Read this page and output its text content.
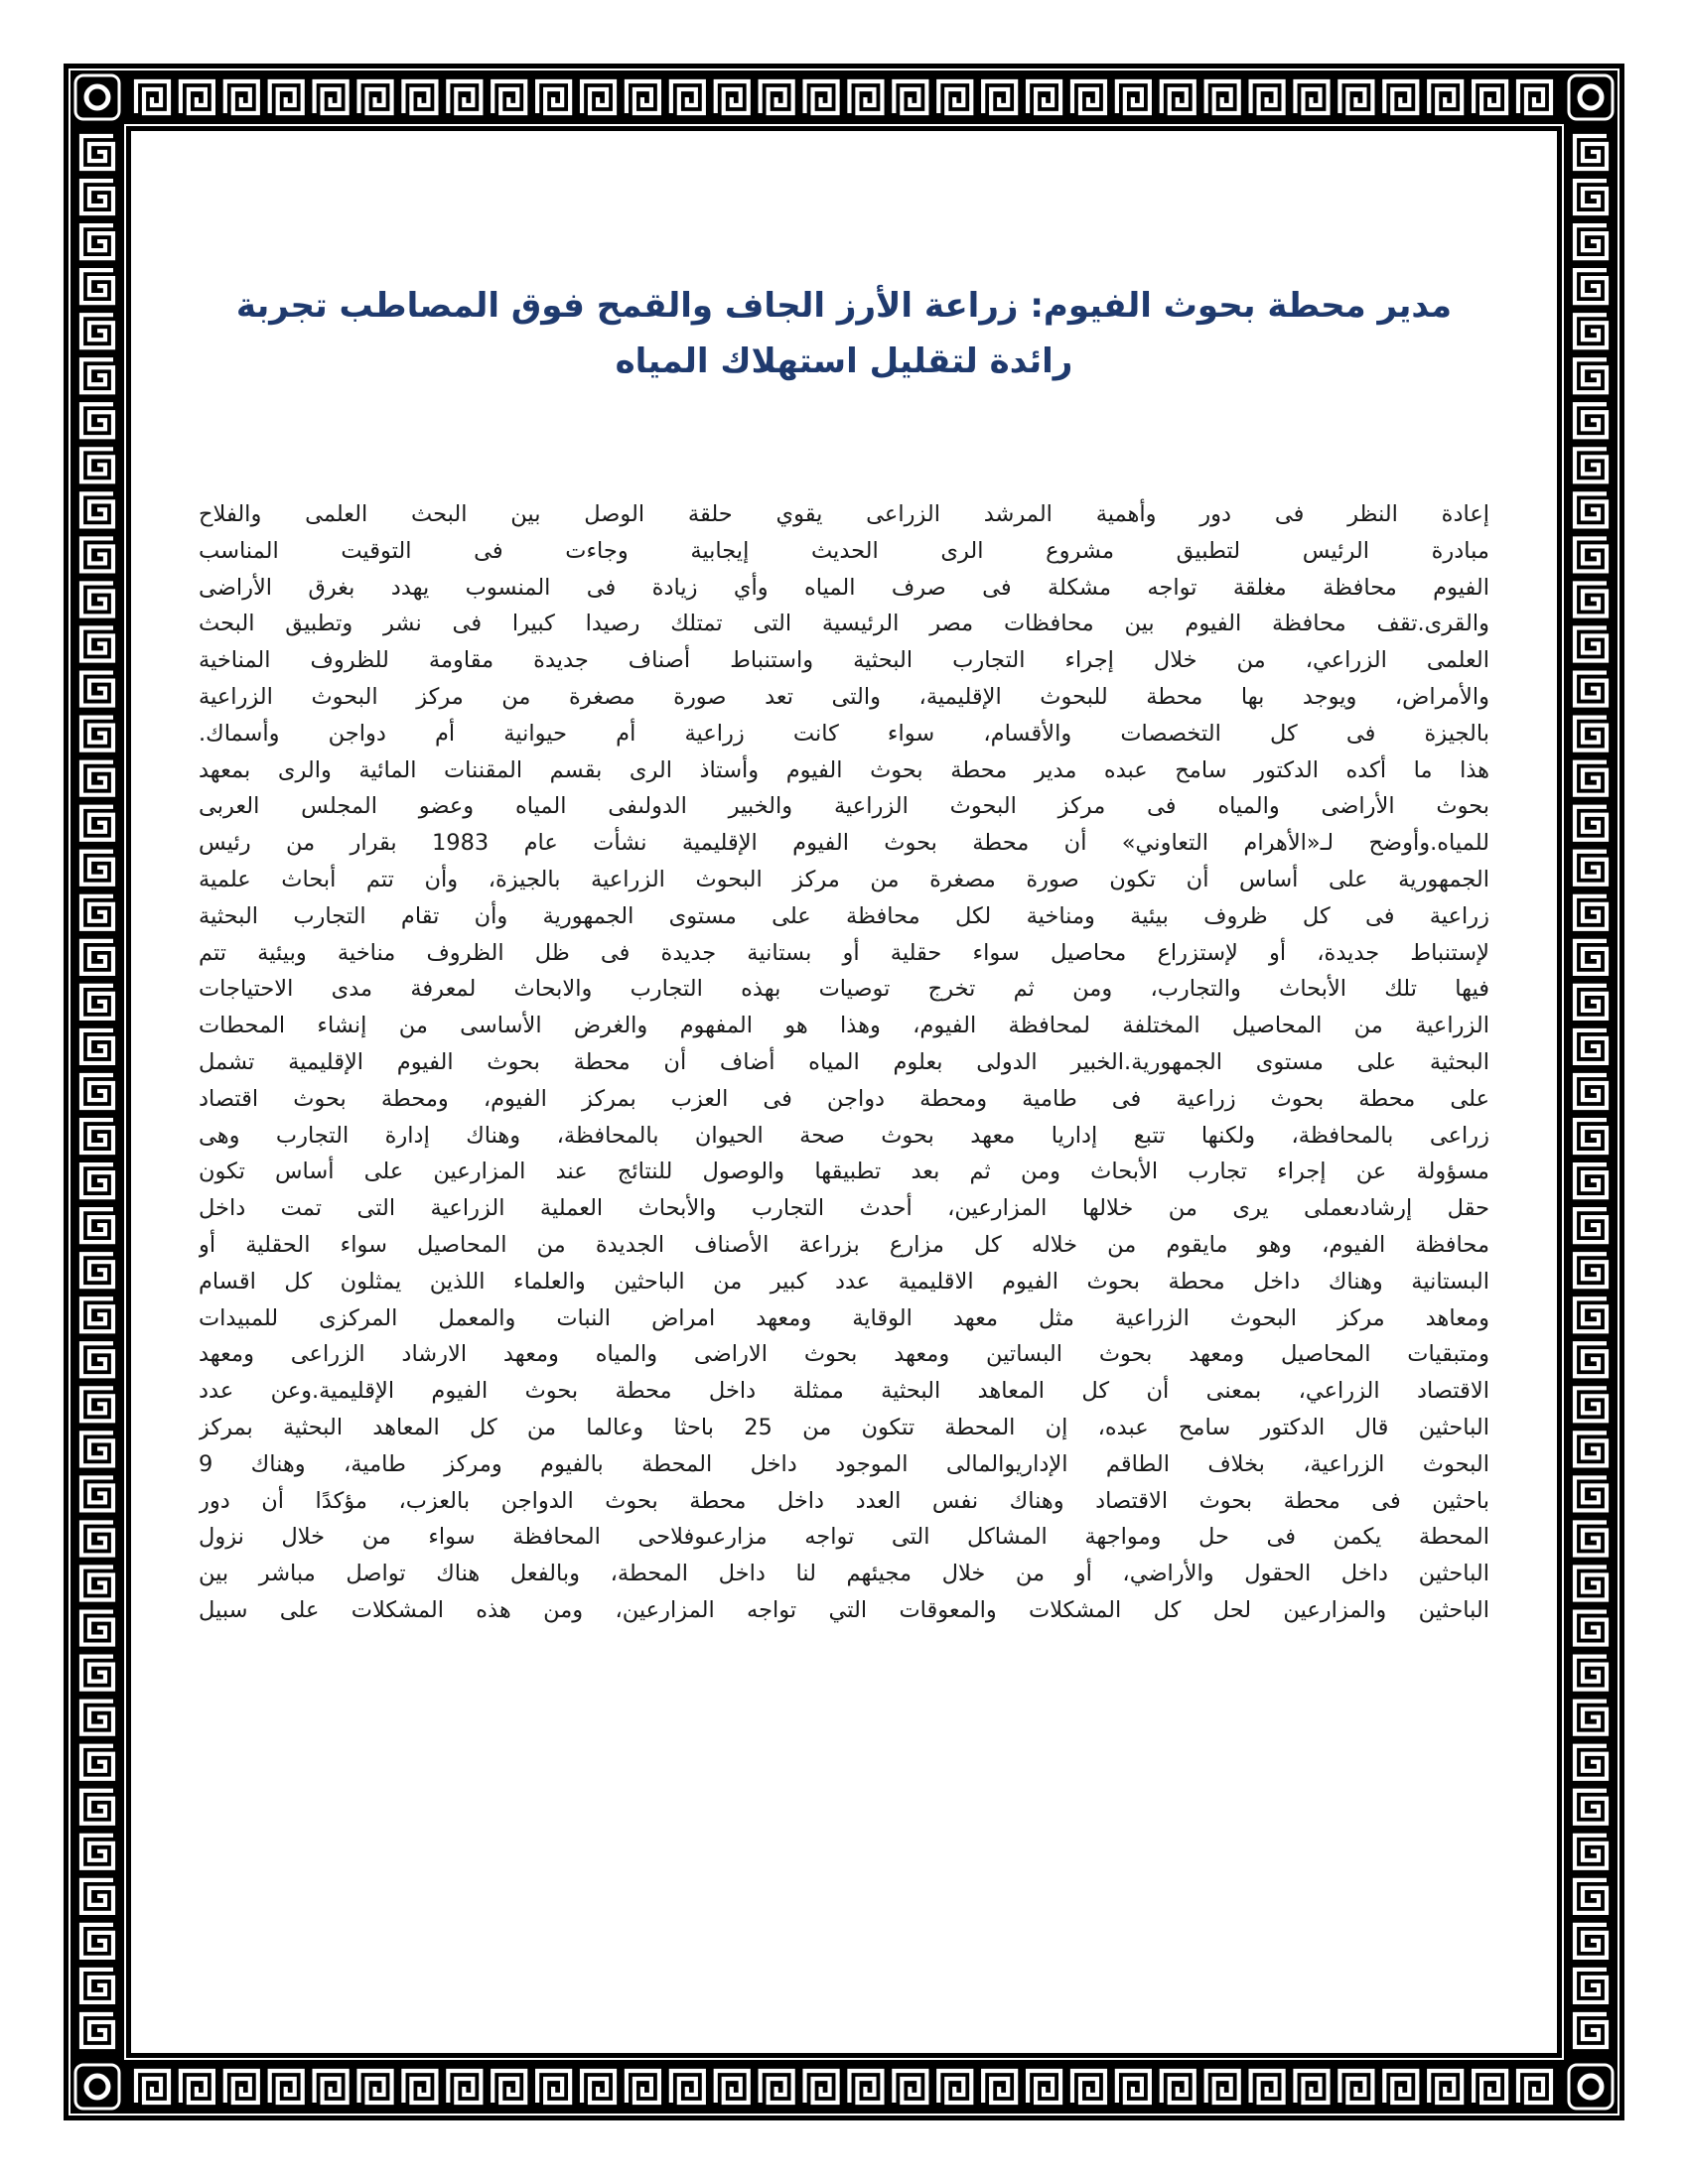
مدير محطة بحوث الفيوم: زراعة الأرز الجاف والقمح فوق المصاطب تجربة
رائدة لتقليل استهلاك المياه
إعادة النظر فى دور وأهمية المرشد الزراعى يقوي حلقة الوصل بين البحث العلمى والفلاح
مبادرة الرئيس لتطبيق مشروع الرى الحديث إيجابية وجاءت فى التوقيت المناسب
الفيوم محافظة مغلقة تواجه مشكلة فى صرف المياه وأي زيادة فى المنسوب يهدد بغرق الأراضى
والقرى.تقف محافظة الفيوم بين محافظات مصر الرئيسية التى تمتلك رصيدا كبيرا فى نشر وتطبيق البحث
العلمى الزراعي، من خلال إجراء التجارب البحثية واستنباط أصناف جديدة مقاومة للظروف المناخية
والأمراض، ويوجد بها محطة للبحوث الإقليمية، والتى تعد صورة مصغرة من مركز البحوث الزراعية
بالجيزة فى كل التخصصات والأقسام، سواء كانت زراعية أم حيوانية أم دواجن وأسماك.
هذا ما أكده الدكتور سامح عبده مدير محطة بحوث الفيوم وأستاذ الرى بقسم المقننات المائية والرى بمعهد
بحوث الأراضى والمياه فى مركز البحوث الزراعية والخبير الدولىفى المياه وعضو المجلس العربى
للمياه.وأوضح لـ«الأهرام التعاوني» أن محطة بحوث الفيوم الإقليمية نشأت عام 1983 بقرار من رئيس
الجمهورية على أساس أن تكون صورة مصغرة من مركز البحوث الزراعية بالجيزة، وأن تتم أبحاث علمية
زراعية فى كل ظروف بيئية ومناخية لكل محافظة على مستوى الجمهورية وأن تقام التجارب البحثية
لإستنباط جديدة، أو لإستزراع محاصيل سواء حقلية أو بستانية جديدة فى ظل الظروف مناخية وبيئية تتم
فيها تلك الأبحاث والتجارب، ومن ثم تخرج توصيات بهذه التجارب والابحاث لمعرفة مدى الاحتياجات
الزراعية من المحاصيل المختلفة لمحافظة الفيوم، وهذا هو المفهوم والغرض الأساسى من إنشاء المحطات
البحثية على مستوى الجمهورية.الخبير الدولى بعلوم المياه أضاف أن محطة بحوث الفيوم الإقليمية تشمل
على محطة بحوث زراعية فى طامية ومحطة دواجن فى العزب بمركز الفيوم، ومحطة بحوث اقتصاد
زراعى بالمحافظة، ولكنها تتبع إداريا معهد بحوث صحة الحيوان بالمحافظة، وهناك إدارة التجارب وهى
مسؤولة عن إجراء تجارب الأبحاث ومن ثم بعد تطبيقها والوصول للنتائج عند المزارعين على أساس تكون
حقل إرشادىعملى يرى من خلالها المزارعين، أحدث التجارب والأبحاث العملية الزراعية التى تمت داخل
محافظة الفيوم، وهو مايقوم من خلاله كل مزارع بزراعة الأصناف الجديدة من المحاصيل سواء الحقلية أو
البستانية وهناك داخل محطة بحوث الفيوم الاقليمية عدد كبير من الباحثين والعلماء اللذين يمثلون كل اقسام
ومعاهد مركز البحوث الزراعية مثل معهد الوقاية ومعهد امراض النبات والمعمل المركزى للمبيدات
ومتبقيات المحاصيل ومعهد بحوث البساتين ومعهد بحوث الاراضى والمياه ومعهد الارشاد الزراعى ومعهد
الاقتصاد الزراعي، بمعنى أن كل المعاهد البحثية ممثلة داخل محطة بحوث الفيوم الإقليمية.وعن عدد
الباحثين قال الدكتور سامح عبده، إن المحطة تتكون من 25 باحثا وعالما من كل المعاهد البحثية بمركز
البحوث الزراعية، بخلاف الطاقم الإداريوالمالى الموجود داخل المحطة بالفيوم ومركز طامية، وهناك 9
باحثين فى محطة بحوث الاقتصاد وهناك نفس العدد داخل محطة بحوث الدواجن بالعزب، مؤكدًا أن دور
المحطة يكمن فى حل ومواجهة المشاكل التى تواجه مزارعىوفلاحى المحافظة سواء من خلال نزول
الباحثين داخل الحقول والأراضي، أو من خلال مجيئهم لنا داخل المحطة، وبالفعل هناك تواصل مباشر بين
الباحثين والمزارعين لحل كل المشكلات والمعوقات التي تواجه المزارعين، ومن هذه المشكلات على سبيل
